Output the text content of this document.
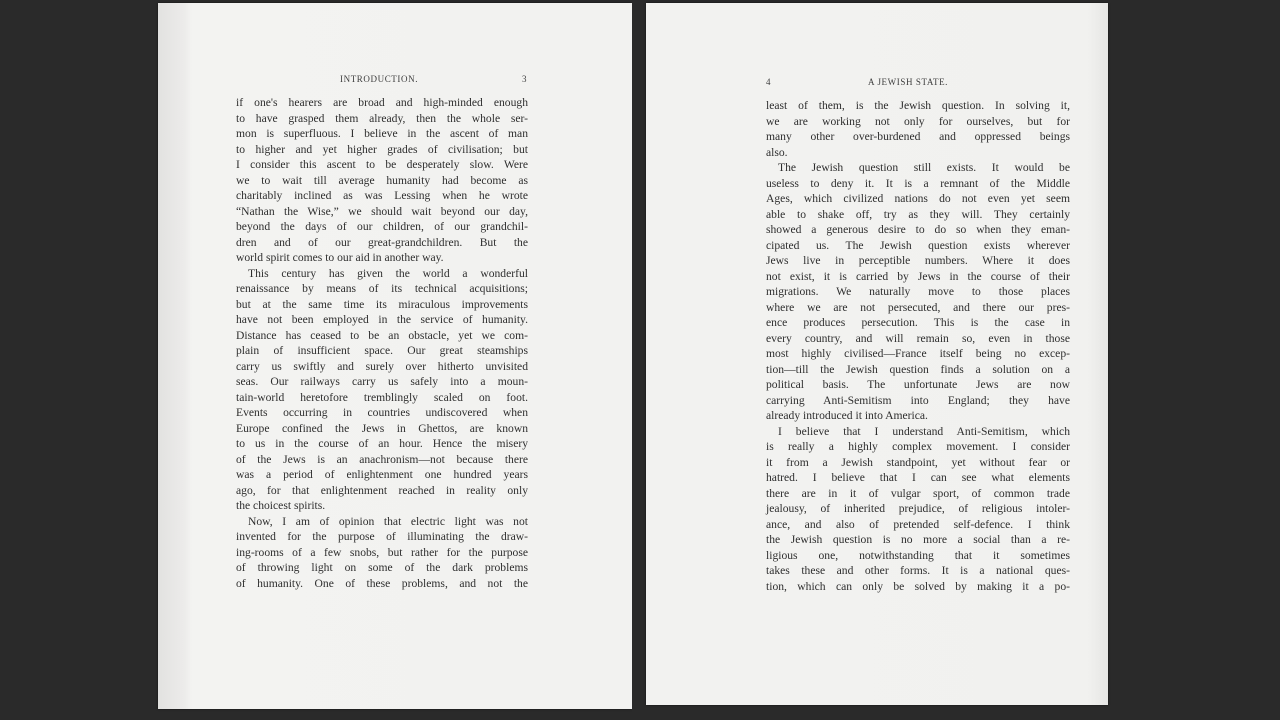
INTRODUCTION.	3
if one's hearers are broad and high-minded enough
to have grasped them already, then the whole ser-
mon is superfluous. I believe in the ascent of man
to higher and yet higher grades of civilisation; but
I consider this ascent to be desperately slow. Were
we to wait till average humanity had become as
charitably inclined as was Lessing when he wrote
“Nathan the Wise,” we should wait beyond our day,
beyond the days of our children, of our grandchil-
dren and of our great-grandchildren. But the
world spirit comes to our aid in another way.
This century has given the world a wonderful
renaissance by means of its technical acquisitions;
but at the same time its miraculous improvements
have not been employed in the service of humanity.
Distance has ceased to be an obstacle, yet we com-
plain of insufficient space. Our great steamships
carry us swiftly and surely over hitherto unvisited
seas. Our railways carry us safely into a moun-
tain-world heretofore tremblingly scaled on foot.
Events occurring in countries undiscovered when
Europe confined the Jews in Ghettos, are known
to us in the course of an hour. Hence the misery
of the Jews is an anachronism—not because there
was a period of enlightenment one hundred years
ago, for that enlightenment reached in reality only
the choicest spirits.
Now, I am of opinion that electric light was not
invented for the purpose of illuminating the draw-
ing-rooms of a few snobs, but rather for the purpose
of throwing light on some of the dark problems
of humanity. One of these problems, and not the
4	A JEWISH STATE.
least of them, is the Jewish question. In solving it,
we are working not only for ourselves, but for
many other over-burdened and oppressed beings
also.
The Jewish question still exists. It would be
useless to deny it. It is a remnant of the Middle
Ages, which civilized nations do not even yet seem
able to shake off, try as they will. They certainly
showed a generous desire to do so when they eman-
cipated us. The Jewish question exists wherever
Jews live in perceptible numbers. Where it does
not exist, it is carried by Jews in the course of their
migrations. We naturally move to those places
where we are not persecuted, and there our pres-
ence produces persecution. This is the case in
every country, and will remain so, even in those
most highly civilised—France itself being no excep-
tion—till the Jewish question finds a solution on a
political basis. The unfortunate Jews are now
carrying Anti-Semitism into England; they have
already introduced it into America.
I believe that I understand Anti-Semitism, which
is really a highly complex movement. I consider
it from a Jewish standpoint, yet without fear or
hatred. I believe that I can see what elements
there are in it of vulgar sport, of common trade
jealousy, of inherited prejudice, of religious intoler-
ance, and also of pretended self-defence. I think
the Jewish question is no more a social than a re-
ligious one, notwithstanding that it sometimes
takes these and other forms. It is a national ques-
tion, which can only be solved by making it a po-
